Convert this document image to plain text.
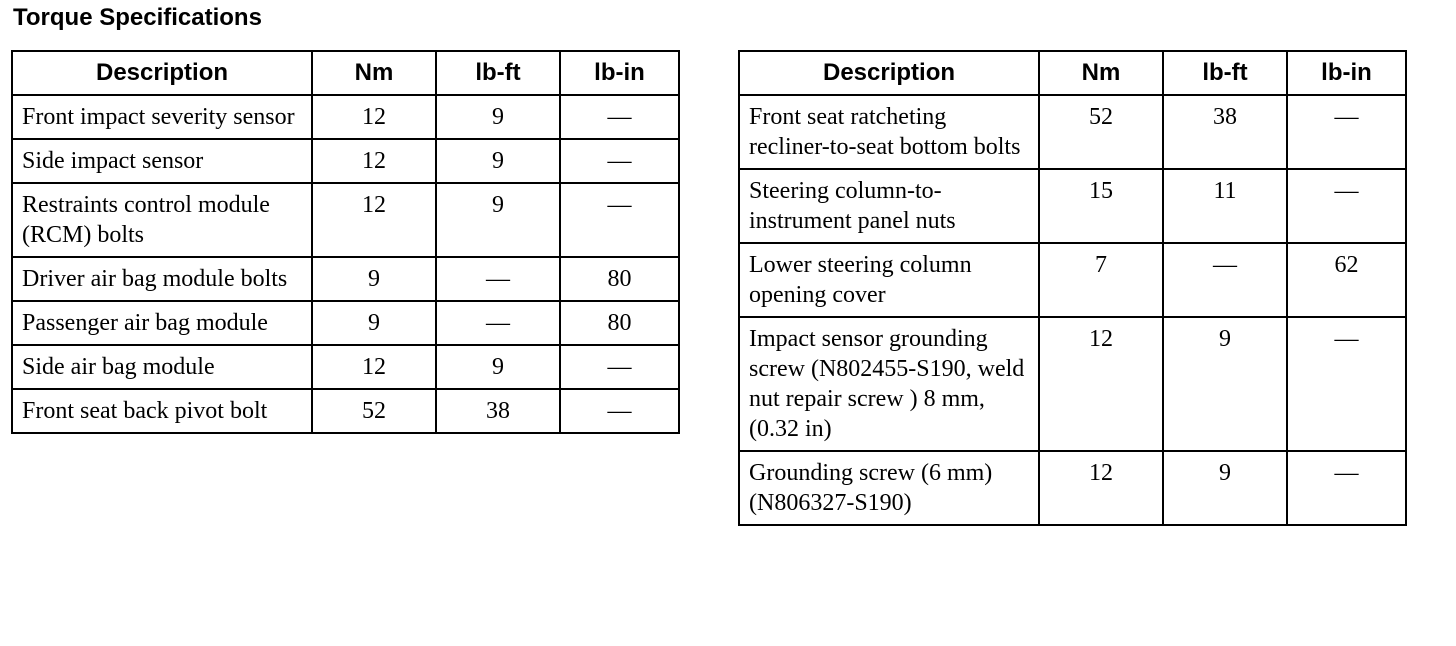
Torque Specifications
Description	Nm	lb-ft	lb-in
Front impact severity sensor	12	9	—
Side impact sensor	12	9	—
Restraints control module (RCM) bolts	12	9	—
Driver air bag module bolts	9	—	80
Passenger air bag module	9	—	80
Side air bag module	12	9	—
Front seat back pivot bolt	52	38	—
Description	Nm	lb-ft	lb-in
Front seat ratcheting recliner-to-seat bottom bolts	52	38	—
Steering column-to-instrument panel nuts	15	11	—
Lower steering column opening cover	7	—	62
Impact sensor grounding screw (N802455-S190, weld nut repair screw ) 8 mm, (0.32 in)	12	9	—
Grounding screw (6 mm) (N806327-S190)	12	9	—
